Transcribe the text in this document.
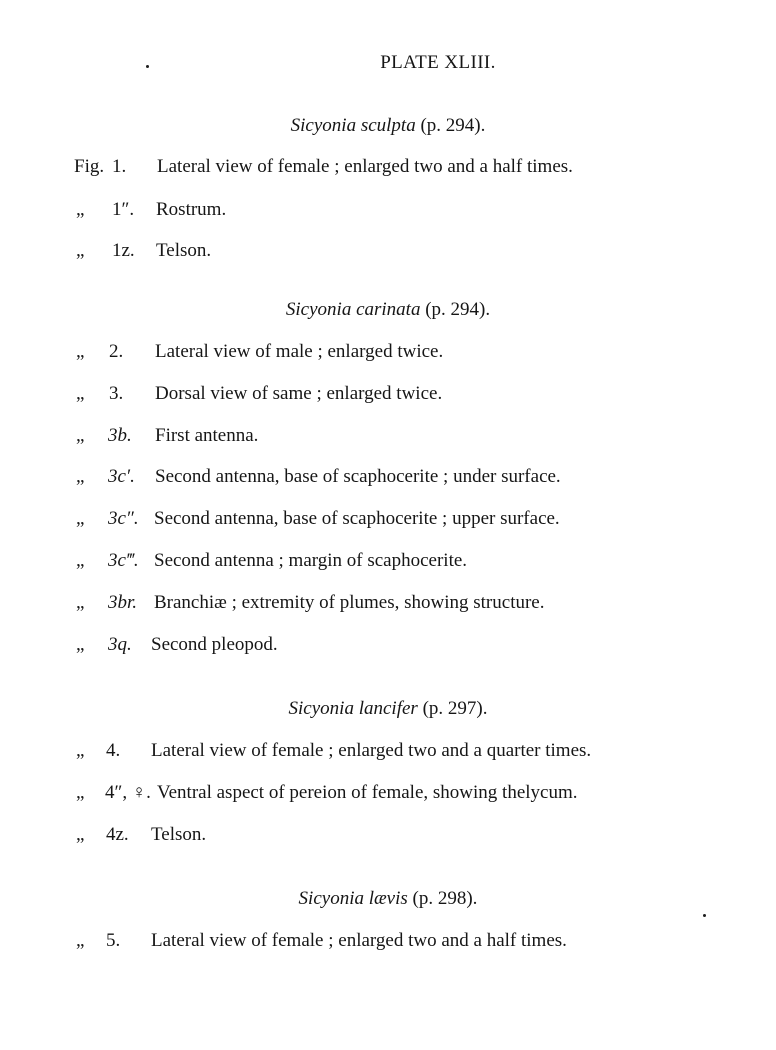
PLATE XLIII.
Sicyonia sculpta (p. 294).
Fig. 1. Lateral view of female ; enlarged two and a half times.
„ 1″. Rostrum.
„ 1z. Telson.
Sicyonia carinata (p. 294).
„ 2. Lateral view of male ; enlarged twice.
„ 3. Dorsal view of same ; enlarged twice.
„ 3b. First antenna.
„ 3c′. Second antenna, base of scaphocerite ; under surface.
„ 3c″. Second antenna, base of scaphocerite ; upper surface.
„ 3c‴. Second antenna ; margin of scaphocerite.
„ 3br. Branchiæ ; extremity of plumes, showing structure.
„ 3q. Second pleopod.
Sicyonia lancifer (p. 297).
„ 4. Lateral view of female ; enlarged two and a quarter times.
„ 4″, ♀. Ventral aspect of pereion of female, showing thelycum.
„ 4z. Telson.
Sicyonia lævis (p. 298).
„ 5. Lateral view of female ; enlarged two and a half times.
